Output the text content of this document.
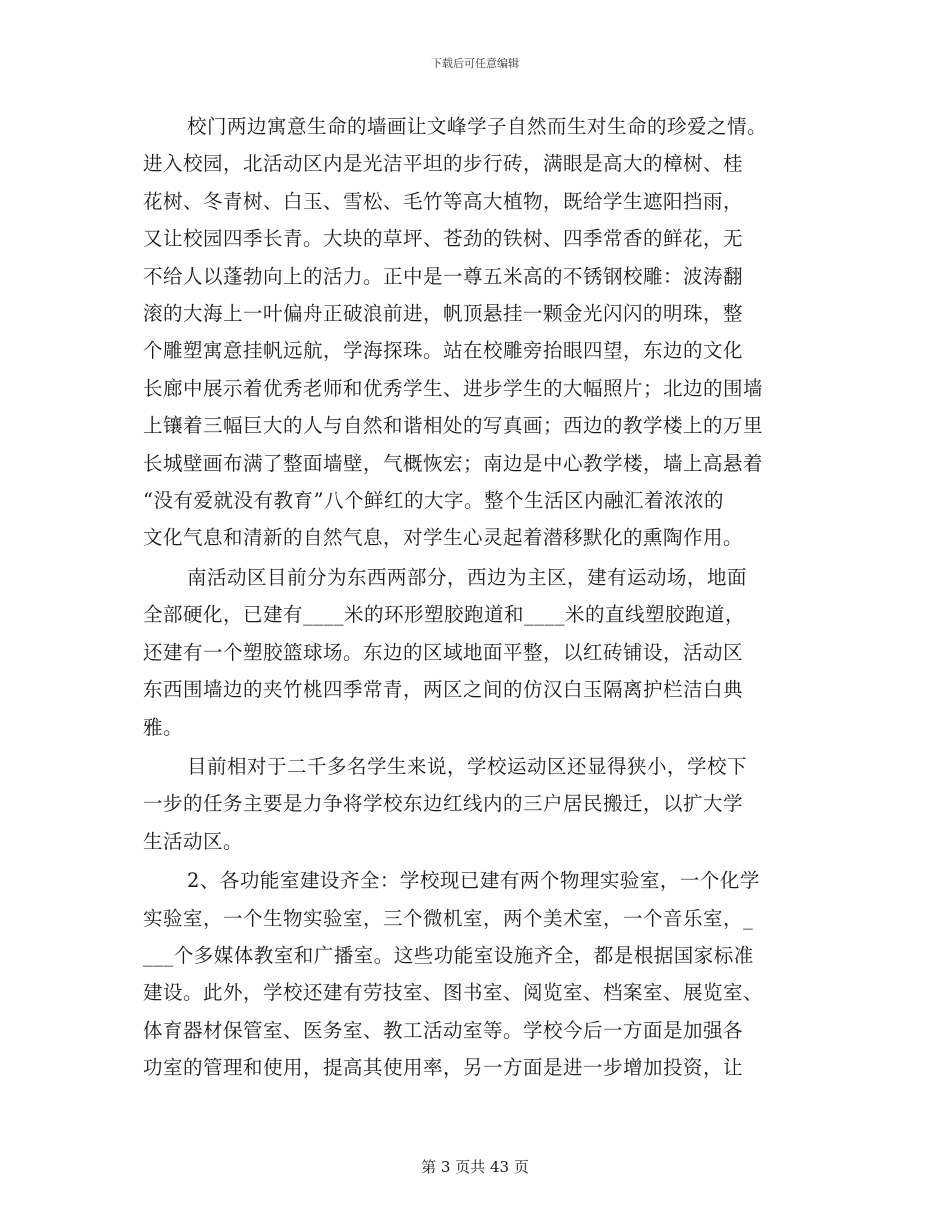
下载后可任意编辑
校门两边寓意生命的墙画让文峰学子自然而生对生命的珍爱之情。
进入校园，北活动区内是光洁平坦的步行砖，满眼是高大的樟树、桂
花树、冬青树、白玉、雪松、毛竹等高大植物，既给学生遮阳挡雨，
又让校园四季长青。大块的草坪、苍劲的铁树、四季常香的鲜花，无
不给人以蓬勃向上的活力。正中是一尊五米高的不锈钢校雕：波涛翻
滚的大海上一叶偏舟正破浪前进，帆顶悬挂一颗金光闪闪的明珠，整
个雕塑寓意挂帆远航，学海探珠。站在校雕旁抬眼四望，东边的文化
长廊中展示着优秀老师和优秀学生、进步学生的大幅照片；北边的围墙
上镶着三幅巨大的人与自然和谐相处的写真画；西边的教学楼上的万里
长城壁画布满了整面墙壁，气概恢宏；南边是中心教学楼，墙上高悬着
“没有爱就没有教育”八个鲜红的大字。整个生活区内融汇着浓浓的
文化气息和清新的自然气息，对学生心灵起着潜移默化的熏陶作用。
南活动区目前分为东西两部分，西边为主区，建有运动场，地面
全部硬化，已建有____米的环形塑胶跑道和____米的直线塑胶跑道，
还建有一个塑胶篮球场。东边的区域地面平整，以红砖铺设，活动区
东西围墙边的夹竹桃四季常青，两区之间的仿汉白玉隔离护栏洁白典
雅。
目前相对于二千多名学生来说，学校运动区还显得狭小，学校下
一步的任务主要是力争将学校东边红线内的三户居民搬迁，以扩大学
生活动区。
2、各功能室建设齐全：学校现已建有两个物理实验室，一个化学
实验室，一个生物实验室，三个微机室，两个美术室，一个音乐室，_
___个多媒体教室和广播室。这些功能室设施齐全，都是根据国家标准
建设。此外，学校还建有劳技室、图书室、阅览室、档案室、展览室、
体育器材保管室、医务室、教工活动室等。学校今后一方面是加强各
功室的管理和使用，提高其使用率，另一方面是进一步增加投资，让
第 3 页共 43 页
